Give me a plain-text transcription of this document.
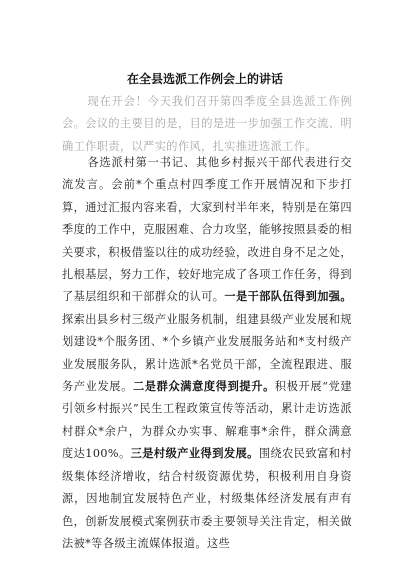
在全县选派工作例会上的讲话
现在开会！今天我们召开第四季度全县选派工作例会。会议的主要目的是，目的是进一步加强工作交流、明确工作职责，以严实的作风，扎实推进选派工作。
各选派村第一书记、其他乡村振兴干部代表进行交流发言。会前*个重点村四季度工作开展情况和下步打算，通过汇报内容来看，大家到村半年来，特别是在第四季度的工作中，克服困难、合力攻坚，能够按照县委的相关要求，积极借鉴以往的成功经验，改进自身不足之处，扎根基层，努力工作，较好地完成了各项工作任务，得到了基层组织和干部群众的认可。一是干部队伍得到加强。探索出县乡村三级产业服务机制，组建县级产业发展和规划建设*个服务团、*个乡镇产业发展服务站和*支村级产业发展服务队，累计选派*名党员干部，全流程跟进、服务产业发展。二是群众满意度得到提升。积极开展“党建引领乡村振兴”民生工程政策宣传等活动，累计走访选派村群众*余户，为群众办实事、解难事*余件，群众满意度达100%。三是村级产业得到发展。围绕农民致富和村级集体经济增收，结合村级资源优势，积极利用自身资源，因地制宜发展特色产业，村级集体经济发展有声有色，创新发展模式案例获市委主要领导关注肯定，相关做法被*等各级主流媒体报道。这些
